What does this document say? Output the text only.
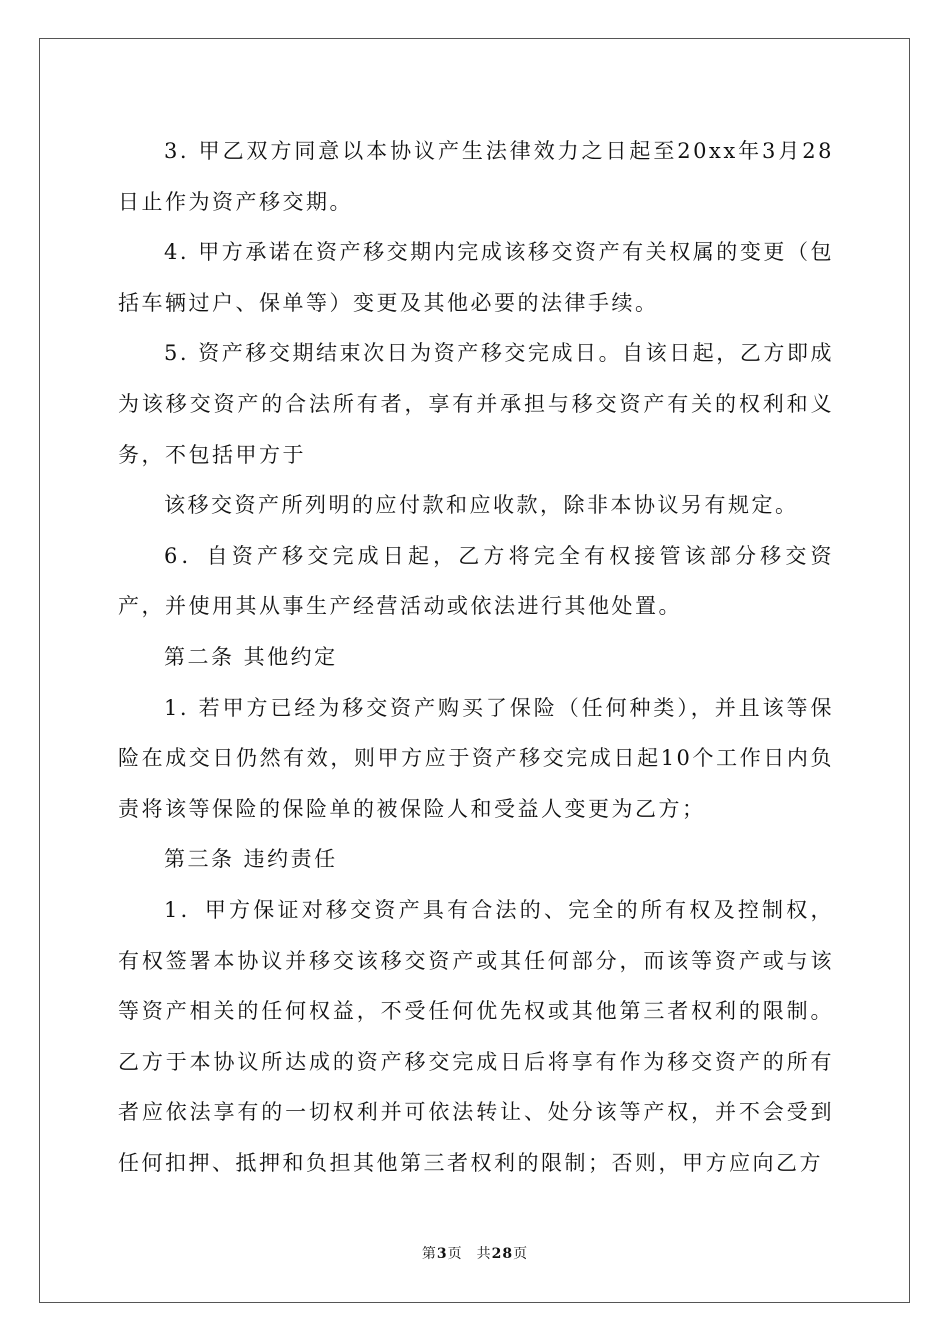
3. 甲乙双方同意以本协议产生法律效力之日起至20xx年3月28日止作为资产移交期。

4. 甲方承诺在资产移交期内完成该移交资产有关权属的变更（包括车辆过户、保单等）变更及其他必要的法律手续。

5. 资产移交期结束次日为资产移交完成日。自该日起，乙方即成为该移交资产的合法所有者，享有并承担与移交资产有关的权利和义务，不包括甲方于

该移交资产所列明的应付款和应收款，除非本协议另有规定。

6．自资产移交完成日起，乙方将完全有权接管该部分移交资产，并使用其从事生产经营活动或依法进行其他处置。

第二条 其他约定

1. 若甲方已经为移交资产购买了保险（任何种类），并且该等保险在成交日仍然有效，则甲方应于资产移交完成日起10个工作日内负责将该等保险的保险单的被保险人和受益人变更为乙方；

第三条 违约责任

1．甲方保证对移交资产具有合法的、完全的所有权及控制权，有权签署本协议并移交该移交资产或其任何部分，而该等资产或与该等资产相关的任何权益，不受任何优先权或其他第三者权利的限制。乙方于本协议所达成的资产移交完成日后将享有作为移交资产的所有者应依法享有的一切权利并可依法转让、处分该等产权，并不会受到任何扣押、抵押和负担其他第三者权利的限制；否则，甲方应向乙方

第3页 共28页
